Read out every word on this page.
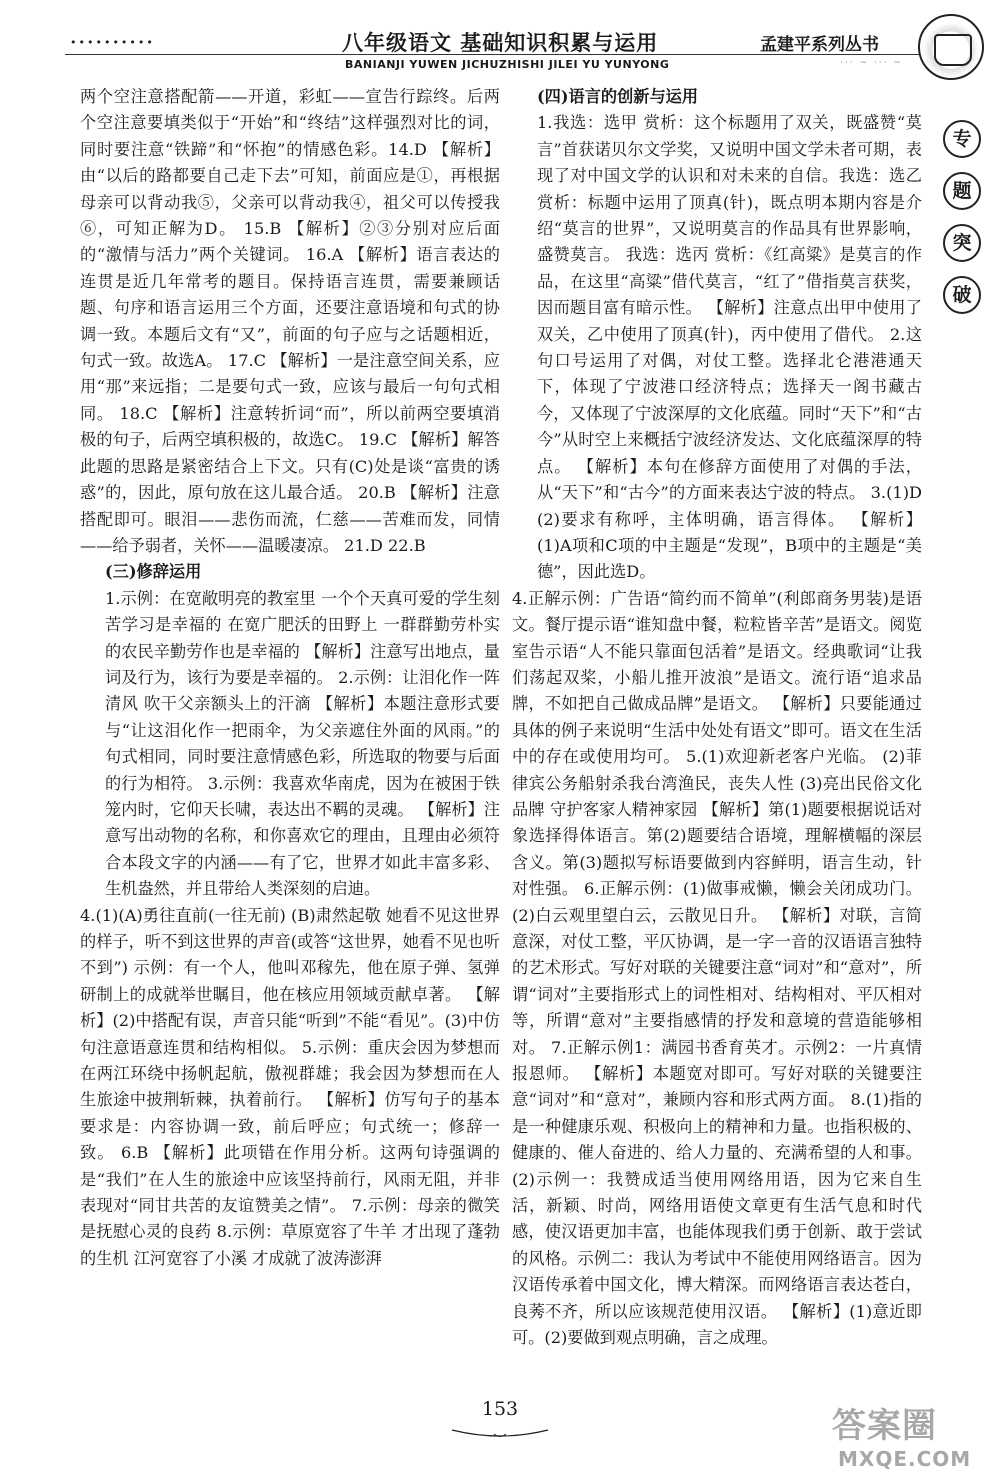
••••••••••	八年级语文 基础知识积累与运用
BANIANJI YUWEN JICHUZHISHI JILEI YU YUNYONG
孟建平系列丛书
··· ~ ··· ~
专
题
突
破

两个空注意搭配箭——开道，彩虹——宣告行踪终。后两个空注意要填类似于“开始”和“终结”这样强烈对比的词，同时要注意“铁蹄”和“怀抱”的情感色彩。14.D 【解析】由“以后的路都要自己走下去”可知，前面应是①，再根据母亲可以背动我⑤，父亲可以背动我④，祖父可以传授我⑥，可知正解为D。 15.B 【解析】②③分别对应后面的“激情与活力”两个关键词。 16.A 【解析】语言表达的连贯是近几年常考的题目。保持语言连贯，需要兼顾话题、句序和语言运用三个方面，还要注意语境和句式的协调一致。本题后文有“又”，前面的句子应与之话题相近，句式一致。故选A。 17.C 【解析】一是注意空间关系，应用“那”来远指；二是要句式一致，应该与最后一句句式相同。 18.C 【解析】注意转折词“而”，所以前两空要填消极的句子，后两空填积极的，故选C。 19.C 【解析】解答此题的思路是紧密结合上下文。只有(C)处是谈“富贵的诱惑”的，因此，原句放在这儿最合适。 20.B 【解析】注意搭配即可。眼泪——悲伤而流，仁慈——苦难而发，同情——给予弱者，关怀——温暖凄凉。 21.D 22.B

(三)修辞运用

1.示例：在宽敞明亮的教室里 一个个天真可爱的学生刻苦学习是幸福的 在宽广肥沃的田野上 一群群勤劳朴实的农民辛勤劳作也是幸福的 【解析】注意写出地点，量词及行为，该行为要是幸福的。 2.示例：让泪化作一阵清风 吹干父亲额头上的汗滴 【解析】本题注意形式要与“让这泪化作一把雨伞，为父亲遮住外面的风雨。”的句式相同，同时要注意情感色彩，所选取的物要与后面的行为相符。 3.示例：我喜欢华南虎，因为在被困于铁笼内时，它仰天长啸，表达出不羁的灵魂。 【解析】注意写出动物的名称，和你喜欢它的理由，且理由必须符合本段文字的内涵——有了它，世界才如此丰富多彩、生机盎然，并且带给人类深刻的启迪。

4.(1)(A)勇往直前(一往无前) (B)肃然起敬 她看不见这世界的样子，听不到这世界的声音(或答“这世界，她看不见也听不到”) 示例：有一个人，他叫邓稼先，他在原子弹、氢弹研制上的成就举世瞩目，他在核应用领域贡献卓著。 【解析】(2)中搭配有误，声音只能“听到”不能“看见”。(3)中仿句注意语意连贯和结构相似。 5.示例：重庆会因为梦想而在两江环绕中扬帆起航，傲视群雄；我会因为梦想而在人生旅途中披荆斩棘，执着前行。 【解析】仿写句子的基本要求是：内容协调一致，前后呼应；句式统一；修辞一致。 6.B 【解析】此项错在作用分析。这两句诗强调的是“我们”在人生的旅途中应该坚持前行，风雨无阻，并非表现对“同甘共苦的友谊赞美之情”。 7.示例：母亲的微笑 是抚慰心灵的良药 8.示例：草原宽容了牛羊 才出现了蓬勃的生机 江河宽容了小溪 才成就了波涛澎湃

(四)语言的创新与运用

1.我选：选甲 赏析：这个标题用了双关，既盛赞“莫言”首获诺贝尔文学奖，又说明中国文学未者可期，表现了对中国文学的认识和对未来的自信。我选：选乙 赏析：标题中运用了顶真(针)，既点明本期内容是介绍“莫言的世界”，又说明莫言的作品具有世界影响，盛赞莫言。 我选：选丙 赏析：《红高粱》是莫言的作品，在这里“高粱”借代莫言，“红了”借指莫言获奖，因而题目富有暗示性。 【解析】注意点出甲中使用了双关，乙中使用了顶真(针)，丙中使用了借代。 2.这句口号运用了对偶，对仗工整。选择北仑港港通天下，体现了宁波港口经济特点；选择天一阁书藏古今，又体现了宁波深厚的文化底蕴。同时“天下”和“古今”从时空上来概括宁波经济发达、文化底蕴深厚的特点。 【解析】本句在修辞方面使用了对偶的手法，从“天下”和“古今”的方面来表达宁波的特点。 3.(1)D (2)要求有称呼，主体明确，语言得体。 【解析】(1)A项和C项的中主题是“发现”，B项中的主题是“美德”，因此选D。

4.正解示例：广告语“简约而不简单”(利郎商务男装)是语文。餐厅提示语“谁知盘中餐，粒粒皆辛苦”是语文。阅览室告示语“人不能只靠面包活着”是语文。经典歌词“让我们荡起双桨，小船儿推开波浪”是语文。流行语“追求品牌，不如把自己做成品牌”是语文。 【解析】只要能通过具体的例子来说明“生活中处处有语文”即可。语文在生活中的存在或使用均可。 5.(1)欢迎新老客户光临。 (2)菲律宾公务船射杀我台湾渔民，丧失人性 (3)亮出民俗文化品牌 守护客家人精神家园 【解析】第(1)题要根据说话对象选择得体语言。第(2)题要结合语境，理解横幅的深层含义。第(3)题拟写标语要做到内容鲜明，语言生动，针对性强。 6.正解示例：(1)做事戒懒，懒会关闭成功门。(2)白云观里望白云，云散见日升。 【解析】对联，言简意深，对仗工整，平仄协调，是一字一音的汉语语言独特的艺术形式。写好对联的关键要注意“词对”和“意对”，所谓“词对”主要指形式上的词性相对、结构相对、平仄相对等，所谓“意对”主要指感情的抒发和意境的营造能够相对。 7.正解示例1：满园书香育英才。示例2：一片真情报恩师。 【解析】本题宽对即可。写好对联的关键要注意“词对”和“意对”，兼顾内容和形式两方面。 8.(1)指的是一种健康乐观、积极向上的精神和力量。也指积极的、健康的、催人奋进的、给人力量的、充满希望的人和事。(2)示例一：我赞成适当使用网络用语，因为它来自生活，新颖、时尚，网络用语使文章更有生活气息和时代感，使汉语更加丰富，也能体现我们勇于创新、敢于尝试的风格。示例二：我认为考试中不能使用网络语言。因为汉语传承着中国文化，博大精深。而网络语言表达苍白，良莠不齐，所以应该规范使用汉语。 【解析】(1)意近即可。(2)要做到观点明确，言之成理。

153	答案圈
MXQE.COM
